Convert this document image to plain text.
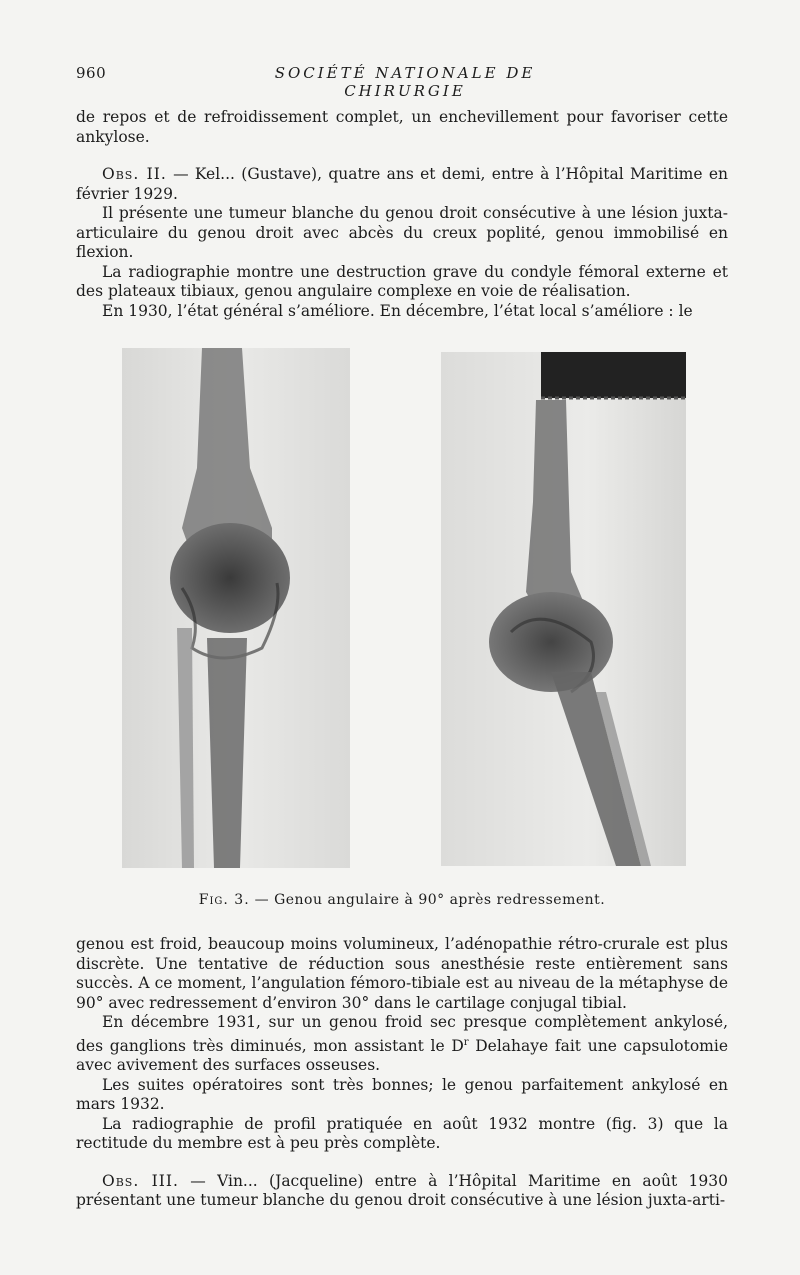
960	SOCIÉTÉ NATIONALE DE CHIRURGIE

de repos et de refroidissement complet, un enchevillement pour favoriser cette ankylose.

Obs. II. — Kel... (Gustave), quatre ans et demi, entre à l’Hôpital Maritime en février 1929.

Il présente une tumeur blanche du genou droit consécutive à une lésion juxta-articulaire du genou droit avec abcès du creux poplité, genou immobilisé en flexion.

La radiographie montre une destruction grave du condyle fémoral externe et des plateaux tibiaux, genou angulaire complexe en voie de réalisation.

En 1930, l’état général s’améliore. En décembre, l’état local s’améliore : le

Fig. 3. — Genou angulaire à 90° après redressement.

genou est froid, beaucoup moins volumineux, l’adénopathie rétro-crurale est plus discrète. Une tentative de réduction sous anesthésie reste entièrement sans succès. A ce moment, l’angulation fémoro-tibiale est au niveau de la métaphyse de 90° avec redressement d’environ 30° dans le cartilage conjugal tibial.

En décembre 1931, sur un genou froid sec presque complètement ankylosé, des ganglions très diminués, mon assistant le $D^r$ Delahaye fait une capsulotomie avec avivement des surfaces osseuses.

Les suites opératoires sont très bonnes; le genou parfaitement ankylosé en mars 1932.

La radiographie de profil pratiquée en août 1932 montre (fig. 3) que la rectitude du membre est à peu près complète.

Obs. III. — Vin... (Jacqueline) entre à l’Hôpital Maritime en août 1930 présentant une tumeur blanche du genou droit consécutive à une lésion juxta-arti-
